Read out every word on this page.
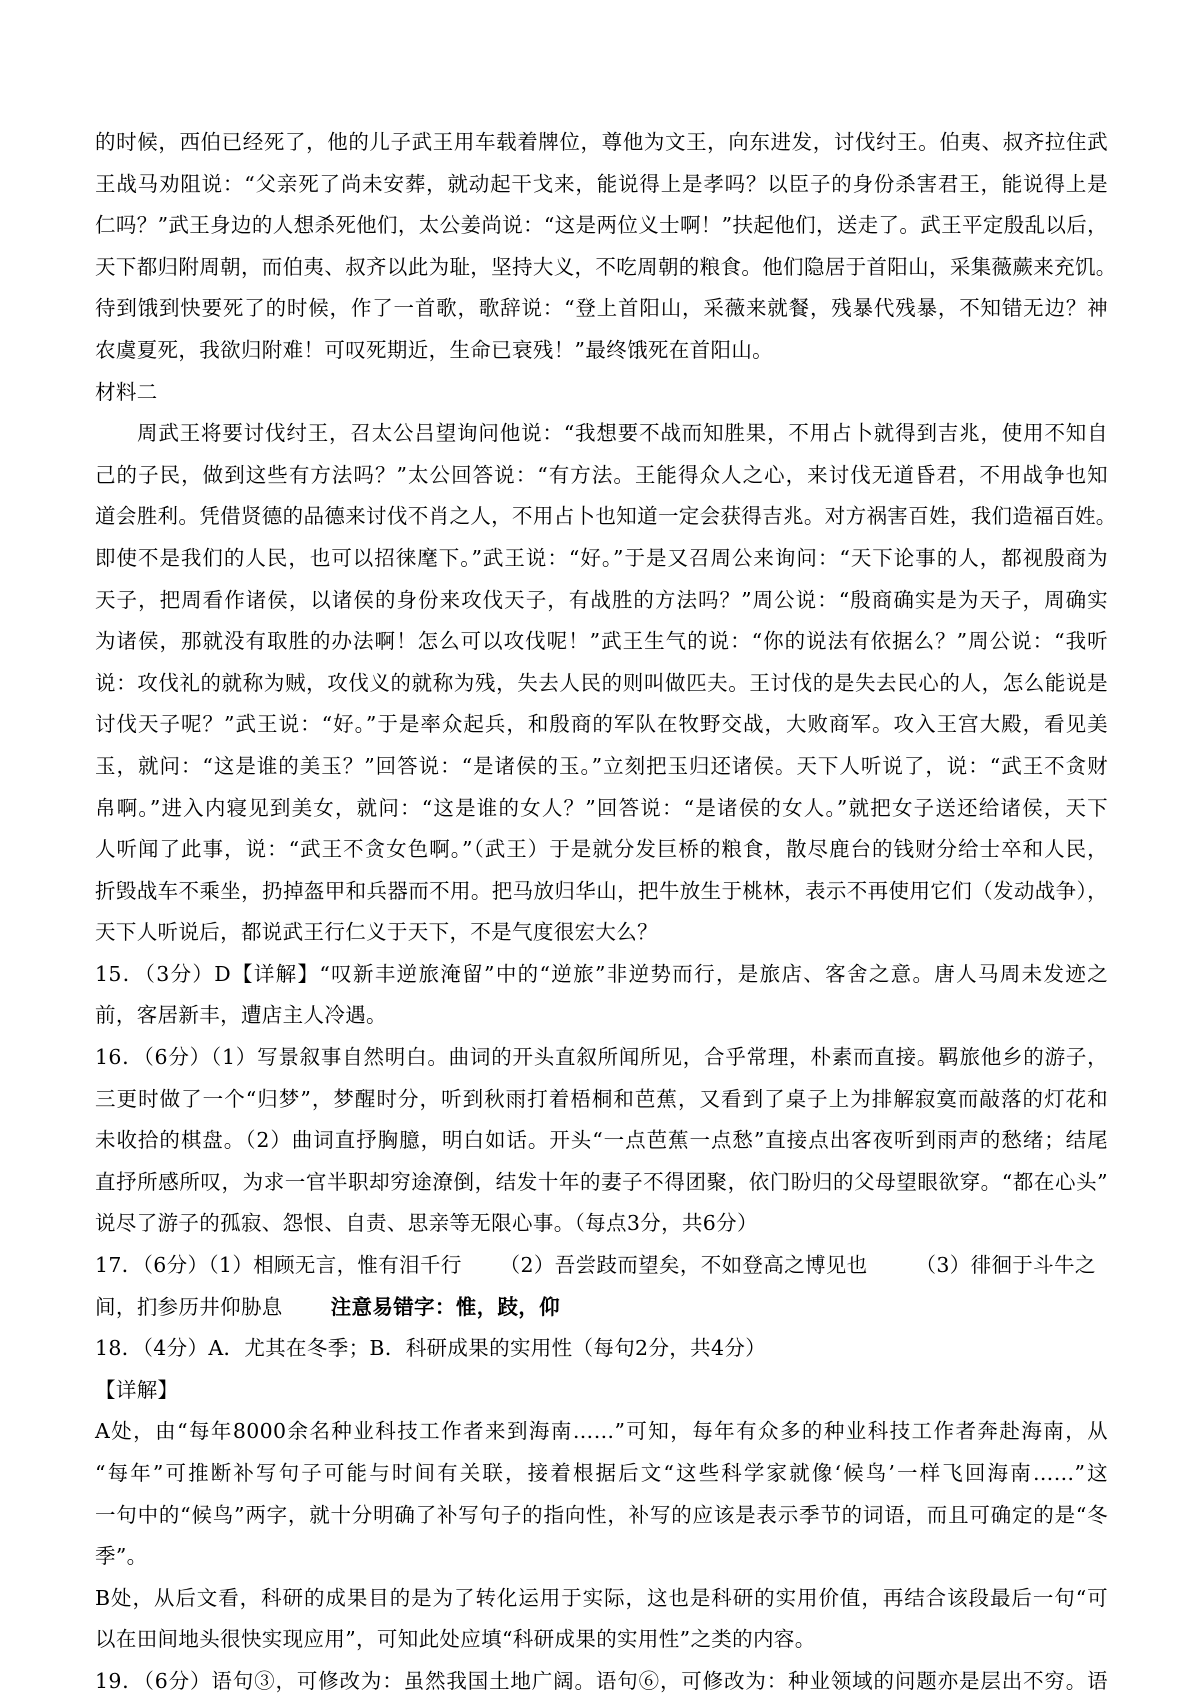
的时候，西伯已经死了，他的儿子武王用车载着牌位，尊他为文王，向东进发，讨伐纣王。伯夷、叔齐拉住武
王战马劝阻说：“父亲死了尚未安葬，就动起干戈来，能说得上是孝吗？以臣子的身份杀害君王，能说得上是
仁吗？”武王身边的人想杀死他们，太公姜尚说：“这是两位义士啊！”扶起他们，送走了。武王平定殷乱以后，
天下都归附周朝，而伯夷、叔齐以此为耻，坚持大义，不吃周朝的粮食。他们隐居于首阳山，采集薇蕨来充饥。
待到饿到快要死了的时候，作了一首歌，歌辞说：“登上首阳山，采薇来就餐，残暴代残暴，不知错无边？神
农虞夏死，我欲归附难！可叹死期近，生命已衰残！”最终饿死在首阳山。
材料二
周武王将要讨伐纣王，召太公吕望询问他说：“我想要不战而知胜果，不用占卜就得到吉兆，使用不知自
己的子民，做到这些有方法吗？”太公回答说：“有方法。王能得众人之心，来讨伐无道昏君，不用战争也知
道会胜利。凭借贤德的品德来讨伐不肖之人，不用占卜也知道一定会获得吉兆。对方祸害百姓，我们造福百姓。
即使不是我们的人民，也可以招徕麾下。”武王说：“好。”于是又召周公来询问：“天下论事的人，都视殷商为
天子，把周看作诸侯，以诸侯的身份来攻伐天子，有战胜的方法吗？”周公说：“殷商确实是为天子，周确实
为诸侯，那就没有取胜的办法啊！怎么可以攻伐呢！”武王生气的说：“你的说法有依据么？”周公说：“我听
说：攻伐礼的就称为贼，攻伐义的就称为残，失去人民的则叫做匹夫。王讨伐的是失去民心的人，怎么能说是
讨伐天子呢？”武王说：“好。”于是率众起兵，和殷商的军队在牧野交战，大败商军。攻入王宫大殿，看见美
玉，就问：“这是谁的美玉？”回答说：“是诸侯的玉。”立刻把玉归还诸侯。天下人听说了，说：“武王不贪财
帛啊。”进入内寝见到美女，就问：“这是谁的女人？”回答说：“是诸侯的女人。”就把女子送还给诸侯，天下
人听闻了此事，说：“武王不贪女色啊。”（武王）于是就分发巨桥的粮食，散尽鹿台的钱财分给士卒和人民，
折毁战车不乘坐，扔掉盔甲和兵器而不用。把马放归华山，把牛放生于桃林，表示不再使用它们（发动战争），
天下人听说后，都说武王行仁义于天下，不是气度很宏大么？
15．（3分）D【详解】“叹新丰逆旅淹留”中的“逆旅”非逆势而行，是旅店、客舍之意。唐人马周未发迹之
前，客居新丰，遭店主人冷遇。
16．（6分）（1）写景叙事自然明白。曲词的开头直叙所闻所见，合乎常理，朴素而直接。羁旅他乡的游子，
三更时做了一个“归梦”，梦醒时分，听到秋雨打着梧桐和芭蕉，又看到了桌子上为排解寂寞而敲落的灯花和
未收拾的棋盘。（2）曲词直抒胸臆，明白如话。开头“一点芭蕉一点愁”直接点出客夜听到雨声的愁绪；结尾
直抒所感所叹，为求一官半职却穷途潦倒，结发十年的妻子不得团聚，依门盼归的父母望眼欲穿。“都在心头”
说尽了游子的孤寂、怨恨、自责、思亲等无限心事。（每点3分，共6分）
17．（6分）（1）相顾无言，惟有泪千行 （2）吾尝跂而望矣，不如登高之博见也 （3）徘徊于斗牛之
间，扪参历井仰胁息 注意易错字：惟，跂，仰
18．（4分）A．尤其在冬季；B．科研成果的实用性（每句2分，共4分）
【详解】
A处，由“每年8000余名种业科技工作者来到海南……”可知，每年有众多的种业科技工作者奔赴海南，从
“每年”可推断补写句子可能与时间有关联，接着根据后文“这些科学家就像‘候鸟’一样飞回海南……”这
一句中的“候鸟”两字，就十分明确了补写句子的指向性，补写的应该是表示季节的词语，而且可确定的是“冬
季”。
B处，从后文看，科研的成果目的是为了转化运用于实际，这也是科研的实用价值，再结合该段最后一句“可
以在田间地头很快实现应用”，可知此处应填“科研成果的实用性”之类的内容。
19．（6分）语句③，可修改为：虽然我国土地广阔。语句⑥，可修改为：种业领域的问题亦是层出不穷。语
